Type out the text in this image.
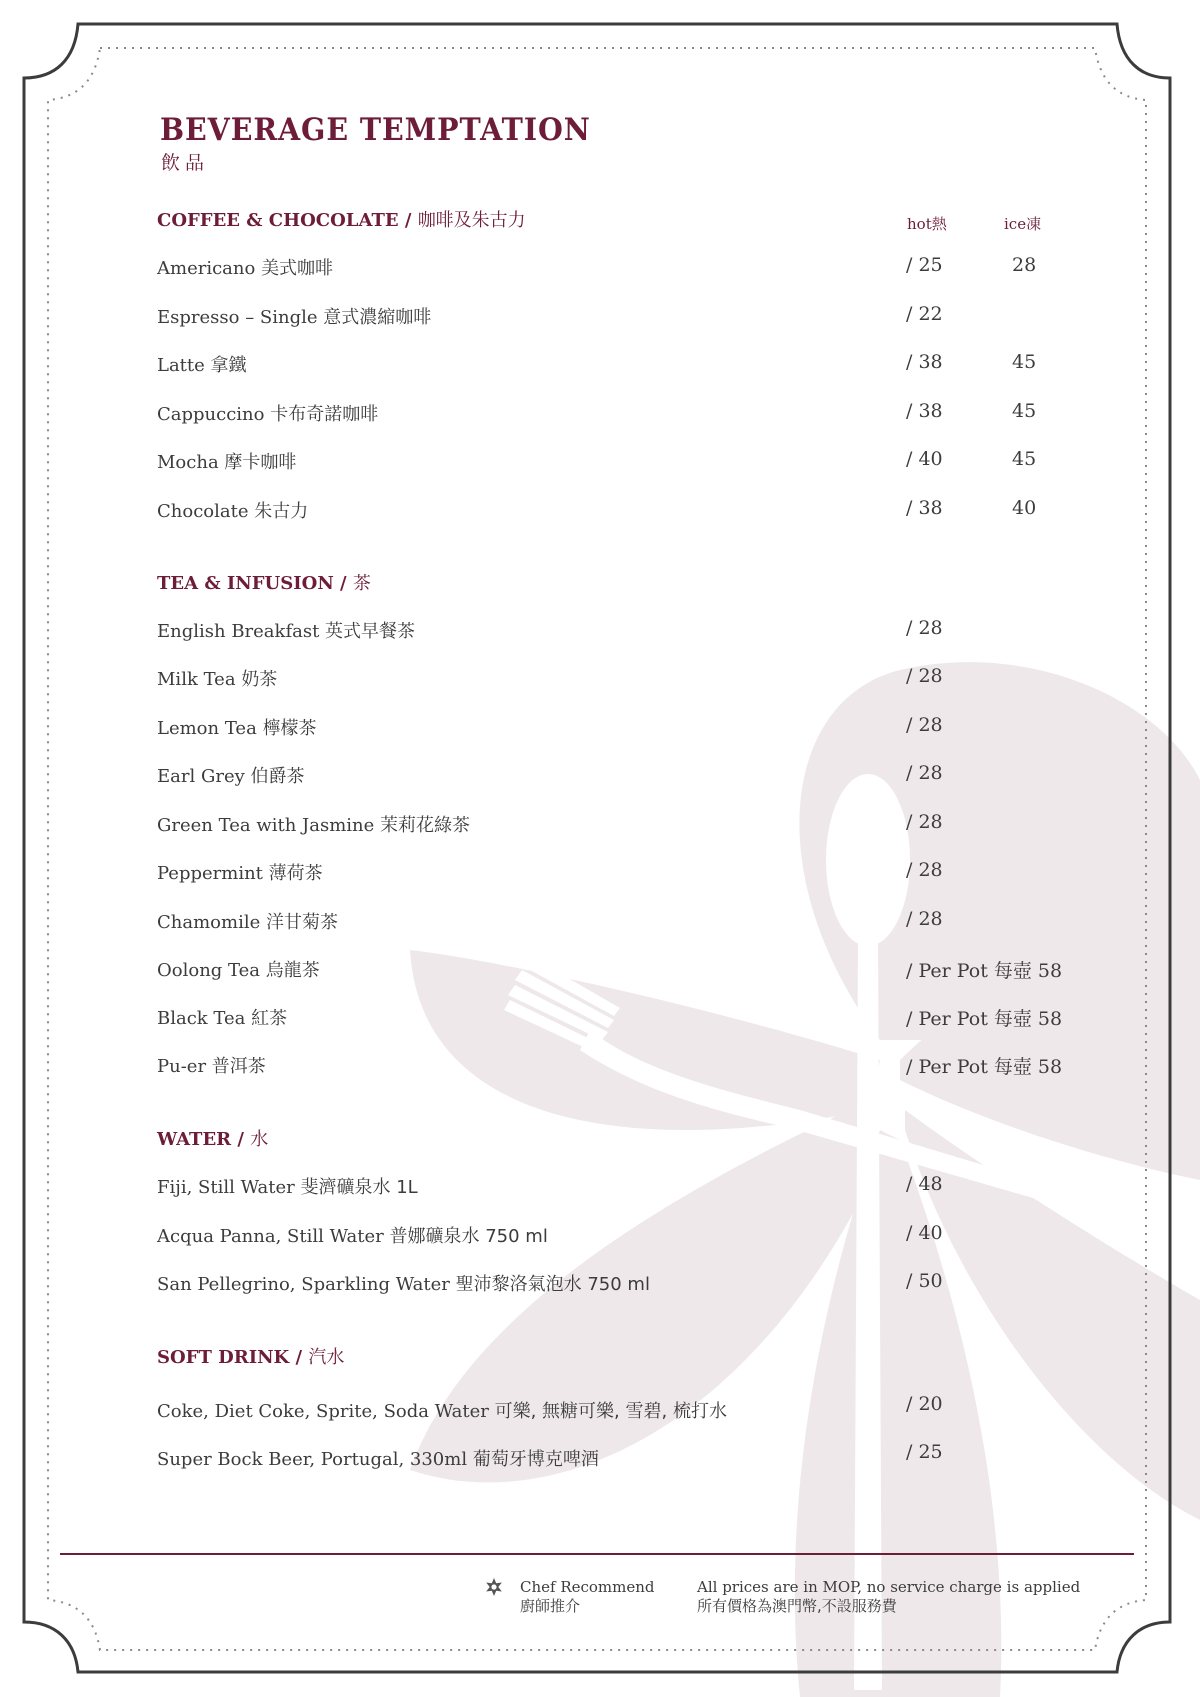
BEVERAGE TEMPTATION
飲品
hot熱	ice凍
COFFEE & CHOCOLATE / 咖啡及朱古力
Americano 美式咖啡	/ 25	28
Espresso – Single 意式濃縮咖啡	/ 22
Latte 拿鐵	/ 38	45
Cappuccino 卡布奇諾咖啡	/ 38	45
Mocha 摩卡咖啡	/ 40	45
Chocolate 朱古力	/ 38	40
TEA & INFUSION / 茶
English Breakfast 英式早餐茶	/ 28
Milk Tea 奶茶	/ 28
Lemon Tea 檸檬茶	/ 28
Earl Grey 伯爵茶	/ 28
Green Tea with Jasmine 茉莉花綠茶	/ 28
Peppermint 薄荷茶	/ 28
Chamomile 洋甘菊茶	/ 28
Oolong Tea 烏龍茶	/ Per Pot 每壺 58
Black Tea 紅茶	/ Per Pot 每壺 58
Pu-er 普洱茶	/ Per Pot 每壺 58
WATER / 水
Fiji, Still Water 斐濟礦泉水 1L	/ 48
Acqua Panna, Still Water 普娜礦泉水 750 ml	/ 40
San Pellegrino, Sparkling Water 聖沛黎洛氣泡水 750 ml	/ 50
SOFT DRINK / 汽水
Coke, Diet Coke, Sprite, Soda Water 可樂, 無糖可樂, 雪碧, 梳打水	/ 20
Super Bock Beer, Portugal, 330ml 葡萄牙博克啤酒	/ 25
Chef Recommend
廚師推介
All prices are in MOP, no service charge is applied
所有價格為澳門幣,不設服務費
